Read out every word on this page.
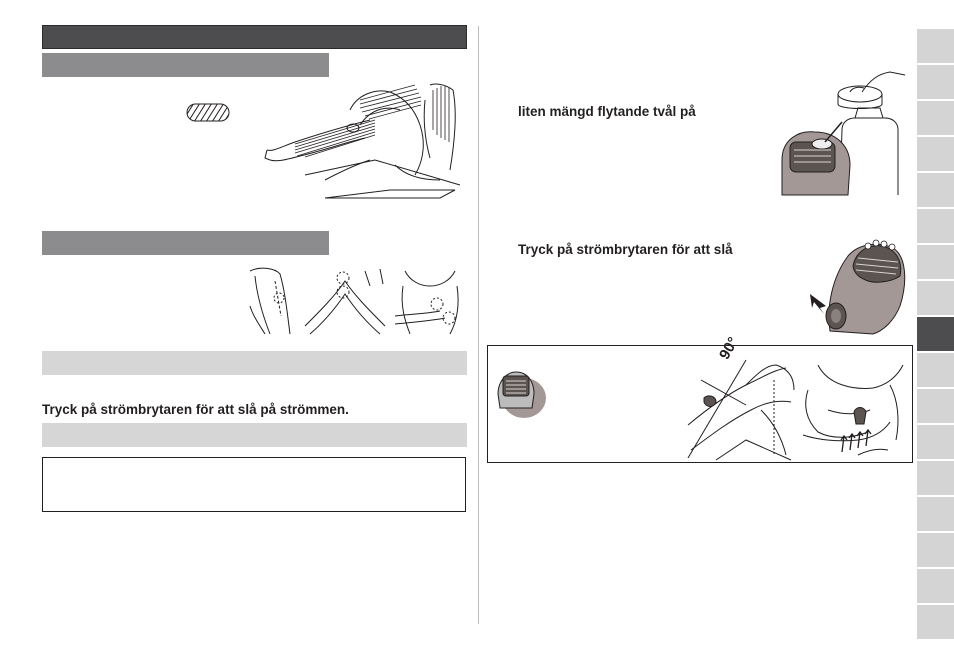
Tryck på strömbrytaren för att slå på strömmen.
liten mängd flytande tvål på
Tryck på strömbrytaren för att slå
90°
